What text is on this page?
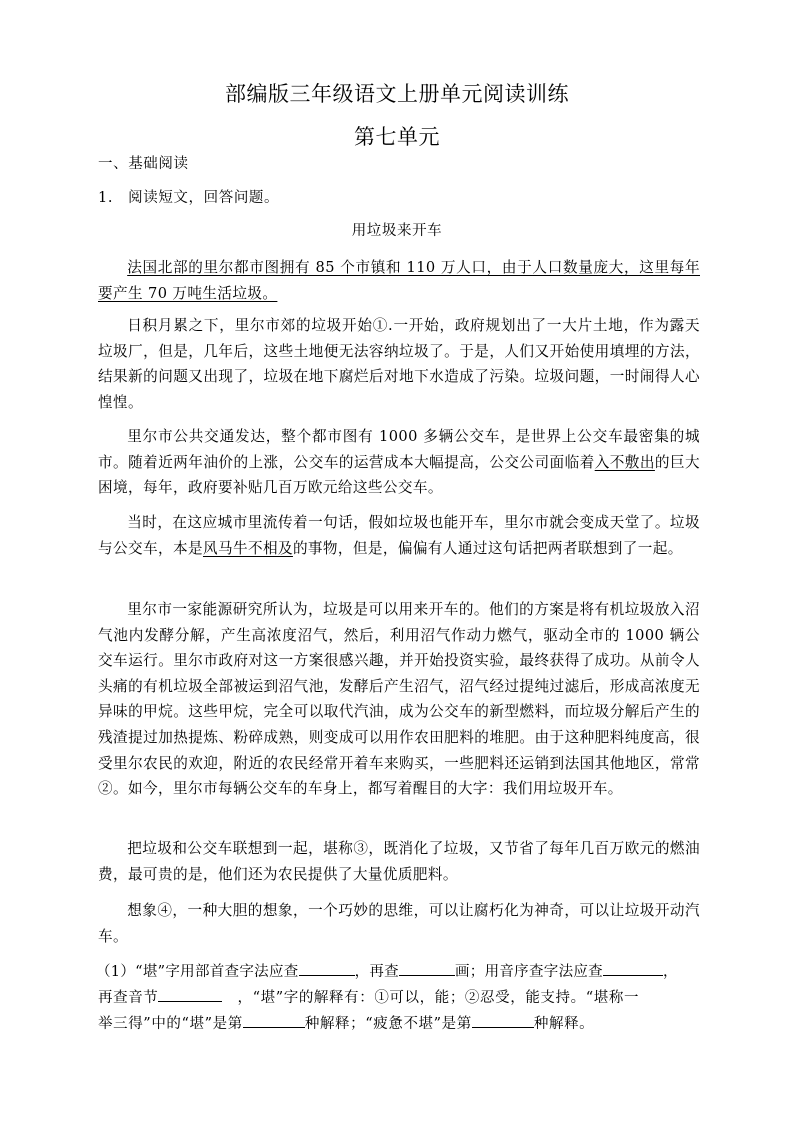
部编版三年级语文上册单元阅读训练
第七单元
一、基础阅读
1.　阅读短文，回答问题。
用垃圾来开车
法国北部的里尔都市图拥有 85 个市镇和 110 万人口，由于人口数量庞大，这里每年要产生 70 万吨生活垃圾。
日积月累之下，里尔市郊的垃圾开始①.一开始，政府规划出了一大片土地，作为露天垃圾厂，但是，几年后，这些土地便无法容纳垃圾了。于是，人们又开始使用填埋的方法，结果新的问题又出现了，垃圾在地下腐烂后对地下水造成了污染。垃圾问题，一时闹得人心惶惶。
里尔市公共交通发达，整个都市图有 1000 多辆公交车，是世界上公交车最密集的城市。随着近两年油价的上涨，公交车的运营成本大幅提高，公交公司面临着入不敷出的巨大困境，每年，政府要补贴几百万欧元给这些公交车。
当时，在这应城市里流传着一句话，假如垃圾也能开车，里尔市就会变成天堂了。垃圾与公交车，本是风马牛不相及的事物，但是，偏偏有人通过这句话把两者联想到了一起。
里尔市一家能源研究所认为，垃圾是可以用来开车的。他们的方案是将有机垃圾放入沼气池内发酵分解，产生高浓度沼气，然后，利用沼气作动力燃气，驱动全市的 1000 辆公交车运行。里尔市政府对这一方案很感兴趣，并开始投资实验，最终获得了成功。从前令人头痛的有机垃圾全部被运到沼气池，发酵后产生沼气，沼气经过提纯过滤后，形成高浓度无异味的甲烷。这些甲烷，完全可以取代汽油，成为公交车的新型燃料，而垃圾分解后产生的残渣提过加热提炼、粉碎成熟，则变成可以用作农田肥料的堆肥。由于这种肥料纯度高，很受里尔农民的欢迎，附近的农民经常开着车来购买，一些肥料还运销到法国其他地区，常常②。如今，里尔市每辆公交车的车身上，都写着醒目的大字：我们用垃圾开车。
把垃圾和公交车联想到一起，堪称③，既消化了垃圾，又节省了每年几百万欧元的燃油费，最可贵的是，他们还为农民提供了大量优质肥料。
想象④，一种大胆的想象，一个巧妙的思维，可以让腐朽化为神奇，可以让垃圾开动汽车。
（1）“堪”字用部首查字法应查	，再查	画；用音序查字法应查	，
再查音节	　，“堪”字的解释有：①可以，能；②忍受，能支持。“堪称一
举三得”中的“堪”是第	种解释；“疲惫不堪”是第	种解释。
